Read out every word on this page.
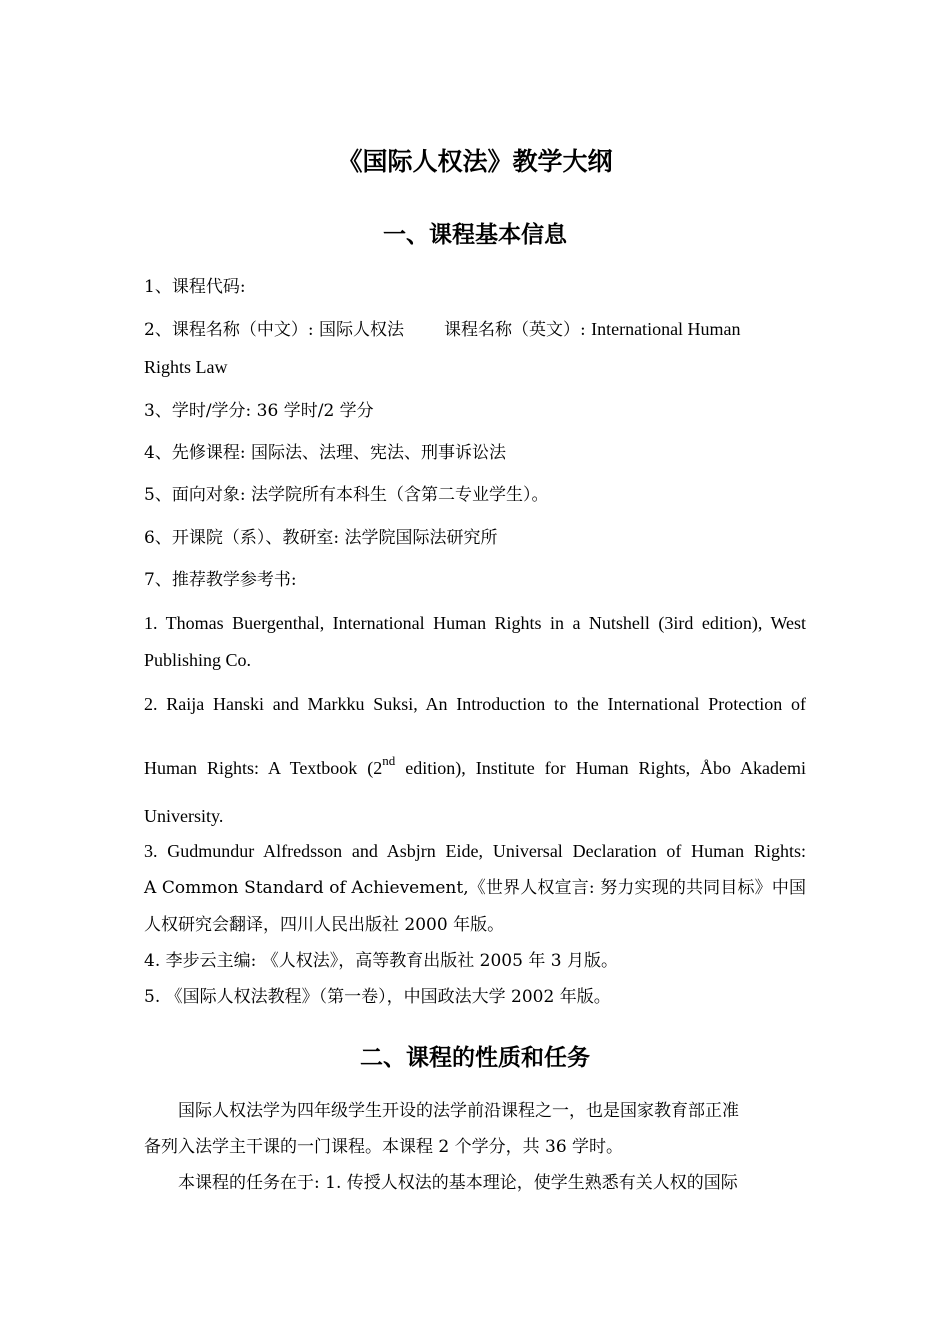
《国际人权法》教学大纲
一、课程基本信息

1、课程代码:

2、课程名称（中文）: 国际人权法 课程名称（英文）: International Human

Rights Law

3、学时/学分: 36 学时/2 学分

4、先修课程: 国际法、法理、宪法、刑事诉讼法

5、面向对象: 法学院所有本科生（含第二专业学生）。

6、开课院（系）、教研室: 法学院国际法研究所

7、推荐教学参考书:

1. Thomas Buergenthal, International Human Rights in a Nutshell (3ird edition), West

Publishing Co.

2. Raija Hanski and Markku Suksi, An Introduction to the International Protection of

Human Rights: A Textbook (2nd edition), Institute for Human Rights, Åbo Akademi

University.

3. Gudmundur Alfredsson and Asbjrn Eide, Universal Declaration of Human Rights:

A Common Standard of Achievement,《世界人权宣言: 努力实现的共同目标》中国

人权研究会翻译，四川人民出版社 2000 年版。

4. 李步云主编: 《人权法》，高等教育出版社 2005 年 3 月版。

5. 《国际人权法教程》（第一卷），中国政法大学 2002 年版。

二、课程的性质和任务

国际人权法学为四年级学生开设的法学前沿课程之一，也是国家教育部正准

备列入法学主干课的一门课程。本课程 2 个学分，共 36 学时。

本课程的任务在于: 1. 传授人权法的基本理论，使学生熟悉有关人权的国际
